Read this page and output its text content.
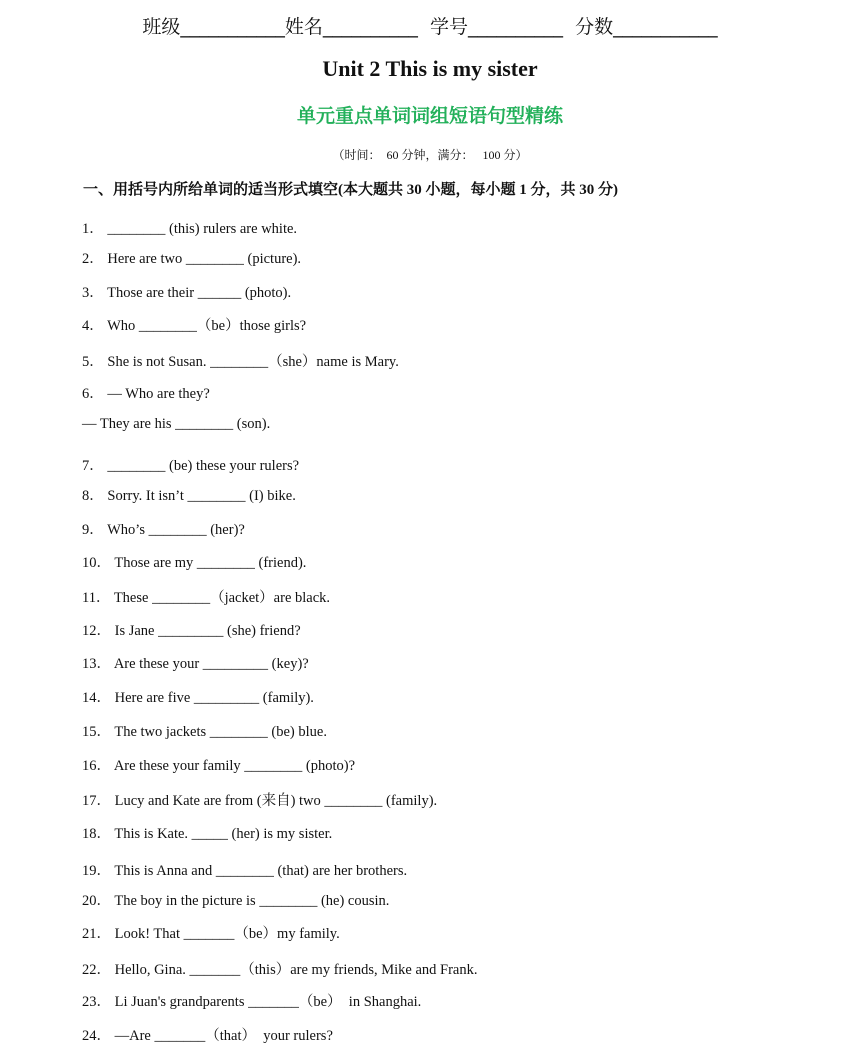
班级___________姓名__________  学号__________  分数___________
Unit 2 This is my sister
单元重点单词词组短语句型精练
（时间：  60 分钟，满分：   100 分）
一、用括号内所给单词的适当形式填空(本大题共 30 小题，每小题 1 分，共 30 分)
1． ________ (this) rulers are white.
2． Here are two ________ (picture).
3． Those are their ______ (photo).
4． Who ________（be）those girls?
5． She is not Susan. ________（she）name is Mary.
6． — Who are they?
— They are his ________ (son).
7． ________ (be) these your rulers?
8． Sorry. It isn’t ________ (I) bike.
9． Who’s ________ (her)?
10． Those are my ________ (friend).
11． These ________（jacket）are black.
12． Is Jane _________ (she) friend?
13． Are these your _________ (key)?
14． Here are five _________ (family).
15． The two jackets ________ (be) blue.
16． Are these your family ________ (photo)?
17． Lucy and Kate are from (来自) two ________ (family).
18． This is Kate. _____ (her) is my sister.
19． This is Anna and ________ (that) are her brothers.
20． The boy in the picture is ________ (he) cousin.
21． Look! That _______（be）my family.
22． Hello, Gina. _______（this）are my friends, Mike and Frank.
23． Li Juan's grandparents _______（be）  in Shanghai.
24． —Are _______（that）  your rulers?
